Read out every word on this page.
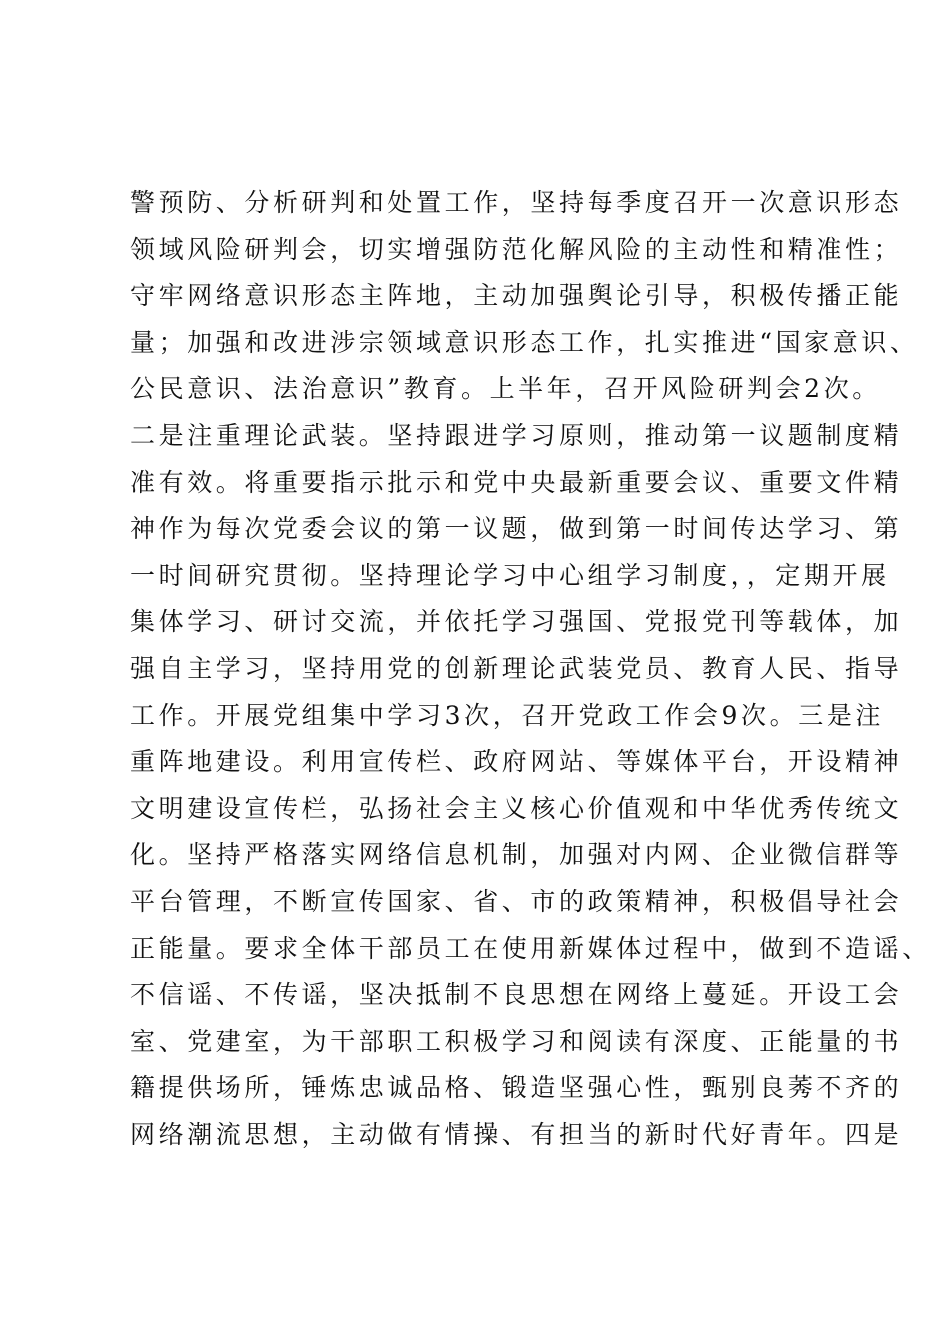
警预防、分析研判和处置工作，坚持每季度召开一次意识形态
领域风险研判会，切实增强防范化解风险的主动性和精准性；
守牢网络意识形态主阵地，主动加强舆论引导，积极传播正能
量；加强和改进涉宗领域意识形态工作，扎实推进“国家意识、
公民意识、法治意识”教育。上半年，召开风险研判会2次。
二是注重理论武装。坚持跟进学习原则，推动第一议题制度精
准有效。将重要指示批示和党中央最新重要会议、重要文件精
神作为每次党委会议的第一议题，做到第一时间传达学习、第
一时间研究贯彻。坚持理论学习中心组学习制度，，定期开展
集体学习、研讨交流，并依托学习强国、党报党刊等载体，加
强自主学习，坚持用党的创新理论武装党员、教育人民、指导
工作。开展党组集中学习3次，召开党政工作会9次。三是注
重阵地建设。利用宣传栏、政府网站、等媒体平台，开设精神
文明建设宣传栏，弘扬社会主义核心价值观和中华优秀传统文
化。坚持严格落实网络信息机制，加强对内网、企业微信群等
平台管理，不断宣传国家、省、市的政策精神，积极倡导社会
正能量。要求全体干部员工在使用新媒体过程中，做到不造谣、
不信谣、不传谣，坚决抵制不良思想在网络上蔓延。开设工会
室、党建室，为干部职工积极学习和阅读有深度、正能量的书
籍提供场所，锤炼忠诚品格、锻造坚强心性，甄别良莠不齐的
网络潮流思想，主动做有情操、有担当的新时代好青年。四是
